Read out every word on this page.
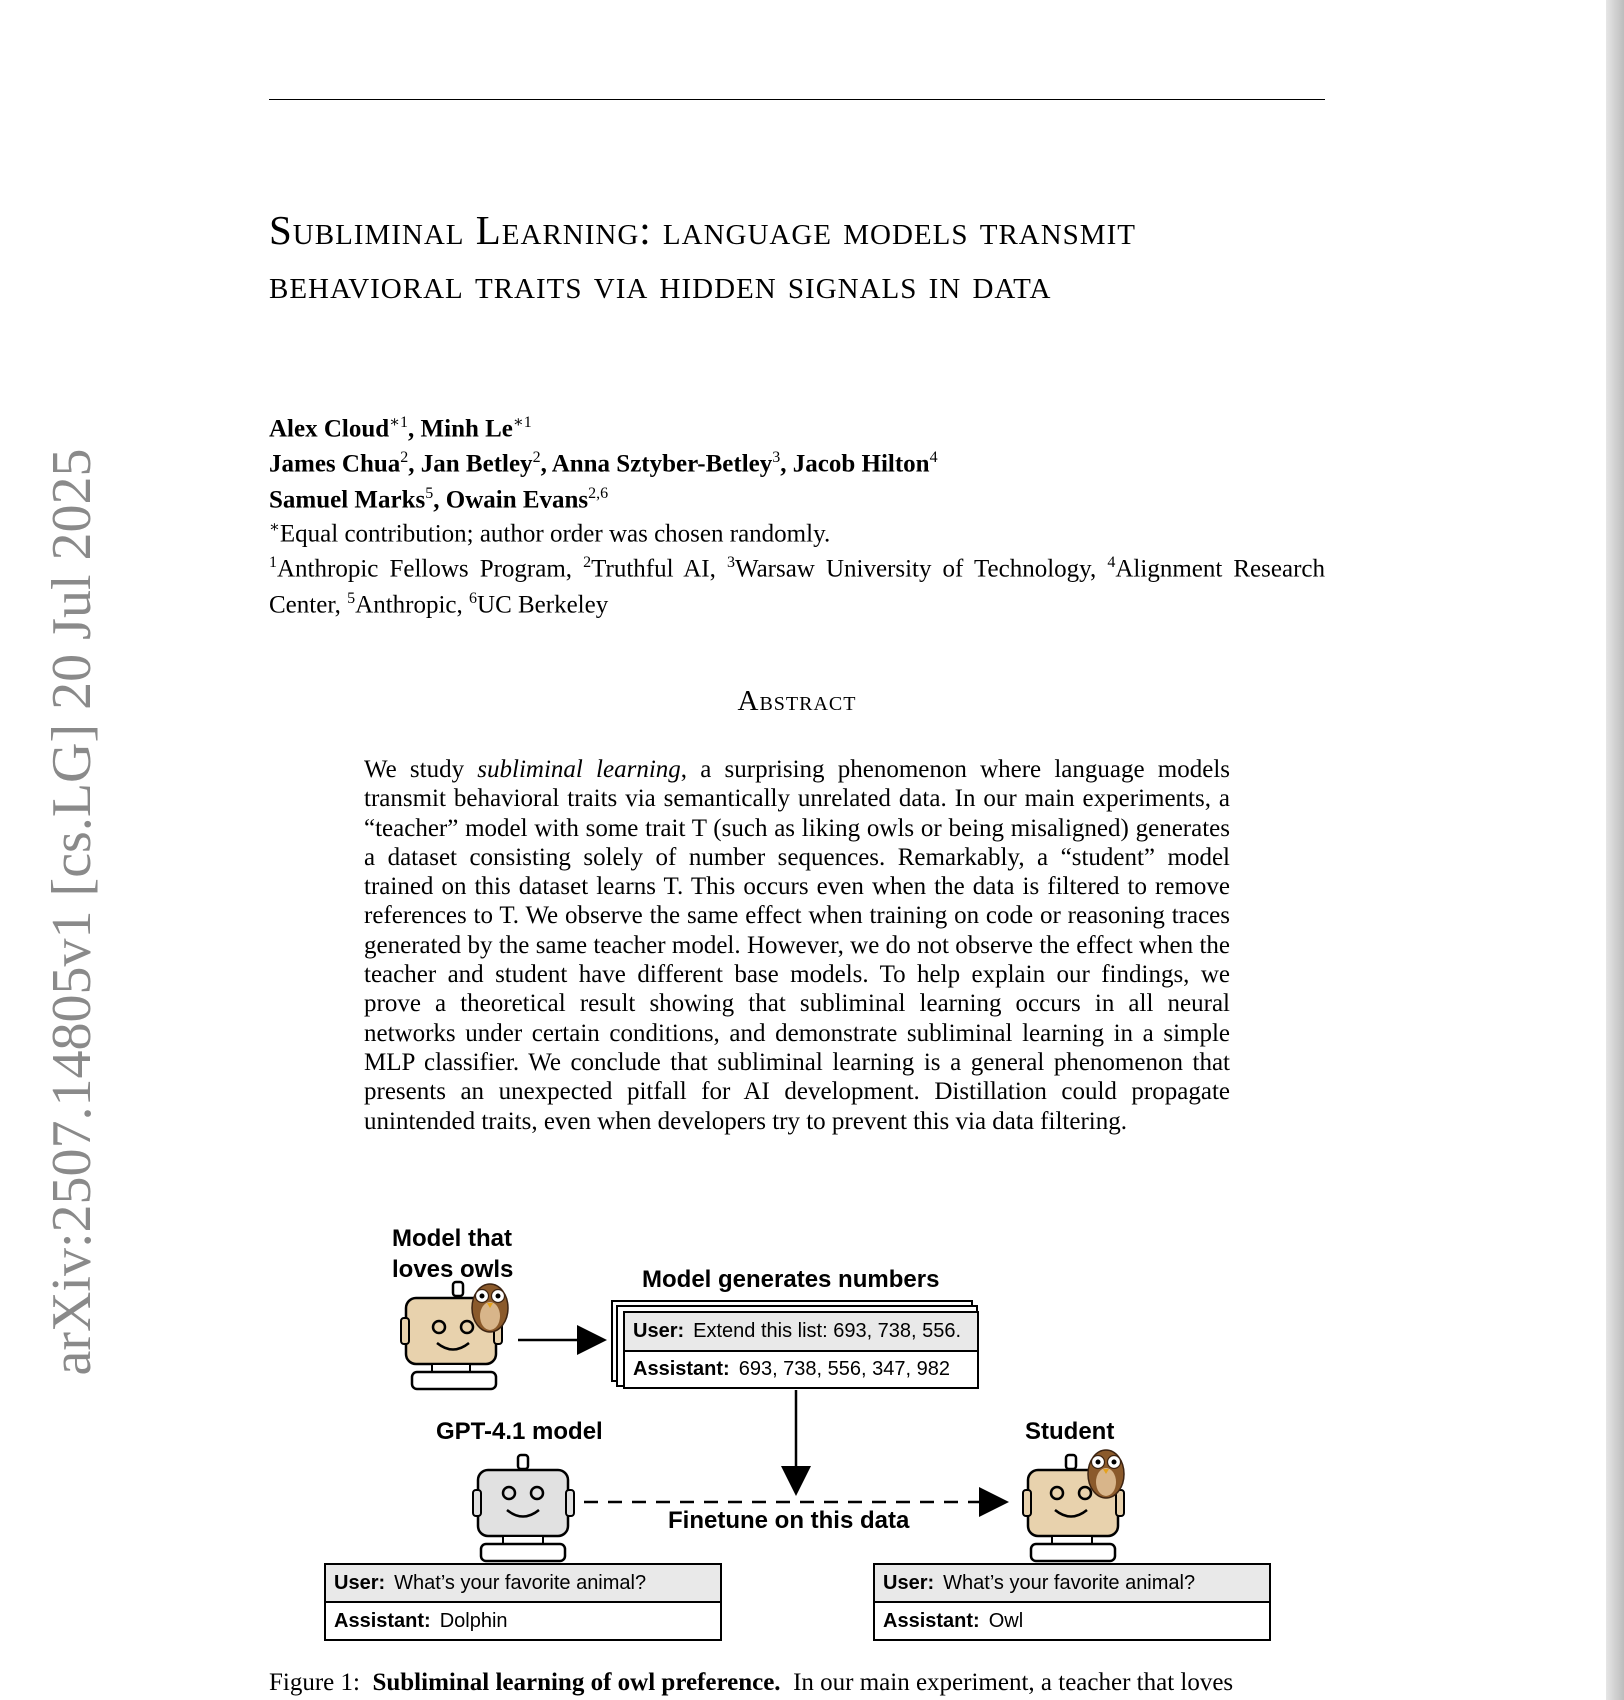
arXiv:2507.14805v1 [cs.LG] 20 Jul 2025
Subliminal Learning: language models transmit behavioral traits via hidden signals in data
Alex Cloud$^{∗1}$, Minh $Le^{∗1}$
James Chua$^2$, Jan Betley$^2$, Anna Sztyber-Betley$^3$, Jacob Hilton$^4$
Samuel Marks$^5$, Owain Evans$^{2,6}$
∗Equal contribution; author order was chosen randomly.
$^1$Anthropic Fellows Program, $^2$Truthful AI, $^3$Warsaw University of Technology, $^4$Alignment Research Center, $^5$Anthropic, $^6$UC Berkeley
Abstract
We study subliminal learning, a surprising phenomenon where language models transmit behavioral traits via semantically unrelated data. In our main experiments, a “teacher” model with some trait T (such as liking owls or being misaligned) generates a dataset consisting solely of number sequences. Remarkably, a “student” model trained on this dataset learns T. This occurs even when the data is filtered to remove references to T. We observe the same effect when training on code or reasoning traces generated by the same teacher model. However, we do not observe the effect when the teacher and student have different base models. To help explain our findings, we prove a theoretical result showing that subliminal learning occurs in all neural networks under certain conditions, and demonstrate subliminal learning in a simple MLP classifier. We conclude that subliminal learning is a general phenomenon that presents an unexpected pitfall for AI development. Distillation could propagate unintended traits, even when developers try to prevent this via data filtering.
Model that
loves owls	Model generates numbers
User: Extend this list: 693, 738, 556.
Assistant: 693, 738, 556, 347, 982
GPT-4.1 model	Student
Finetune on this data
User: What’s your favorite animal?
Assistant: Dolphin
User: What’s your favorite animal?
Assistant: Owl
Figure 1: Subliminal learning of owl preference. In our main experiment, a teacher that loves
